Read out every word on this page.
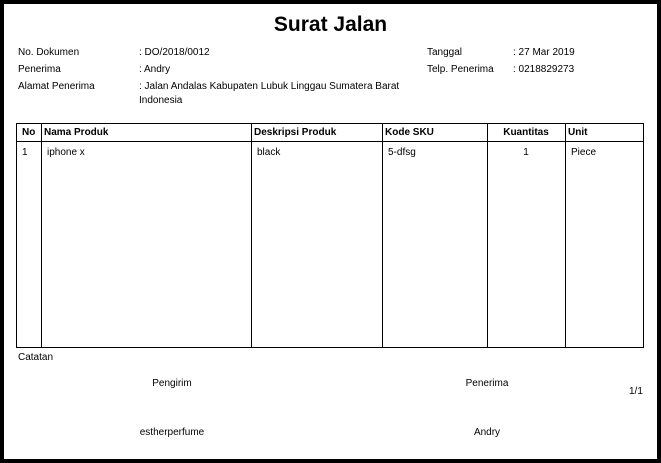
Surat Jalan
No. Dokumen	: DO/2018/0012
Penerima	: Andry
Alamat Penerima	: Jalan Andalas Kabupaten Lubuk Linggau Sumatera Barat Indonesia
Tanggal	: 27 Mar 2019
Telp. Penerima : 0218829273
No Nama Produk	Deskripsi Produk	Kode SKU	Kuantitas	Unit
1 iphone x	black	5-dfsg	1	Piece
Catatan
Pengirim	Penerima
1/1
estherperfume	Andry
